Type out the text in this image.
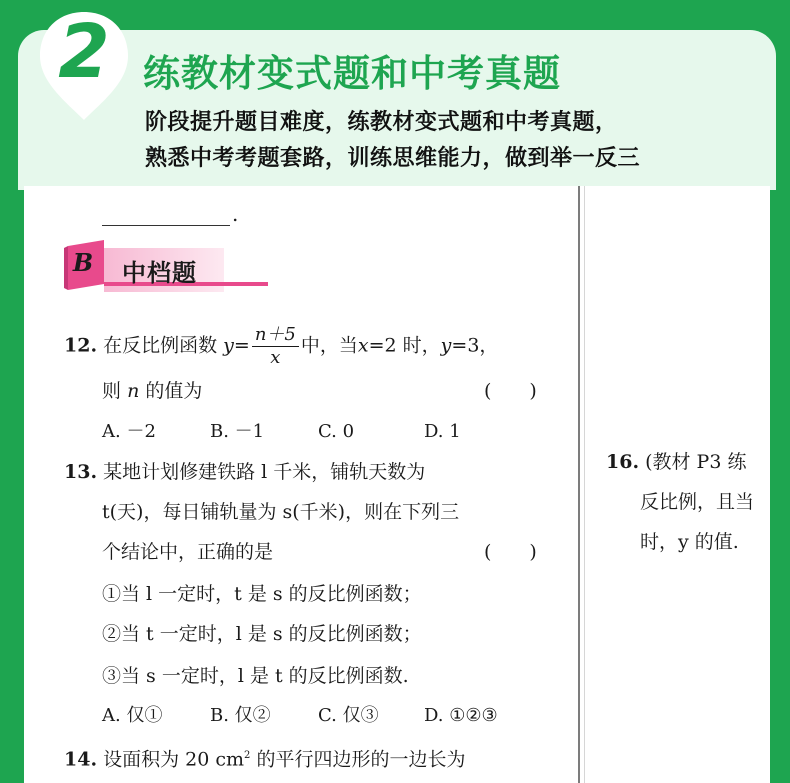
2 练教材变式题和中考真题
阶段提升题目难度，练教材变式题和中考真题，
熟悉中考考题套路，训练思维能力，做到举一反三
.
B 中档题
12. 在反比例函数 $y= \frac{n+5}{x}$ 中，当x=2 时，y=3，
则 n 的值为	(　　)
A. －2	B. －1	C. 0	D. 1
13. 某地计划修建铁路 l 千米，铺轨天数为
t(天)，每日铺轨量为 s(千米)，则在下列三
个结论中，正确的是	(　　)
①当 l 一定时，t 是 s 的反比例函数；
②当 t 一定时，l 是 s 的反比例函数；
③当 s 一定时，l 是 t 的反比例函数.
A. 仅①	B. 仅②	C. 仅③	D. ①②③
14. 设面积为 20 $cm^2$ 的平行四边形的一边长为
16. (教材 P3 练
反比例，且当
时，y 的值.
